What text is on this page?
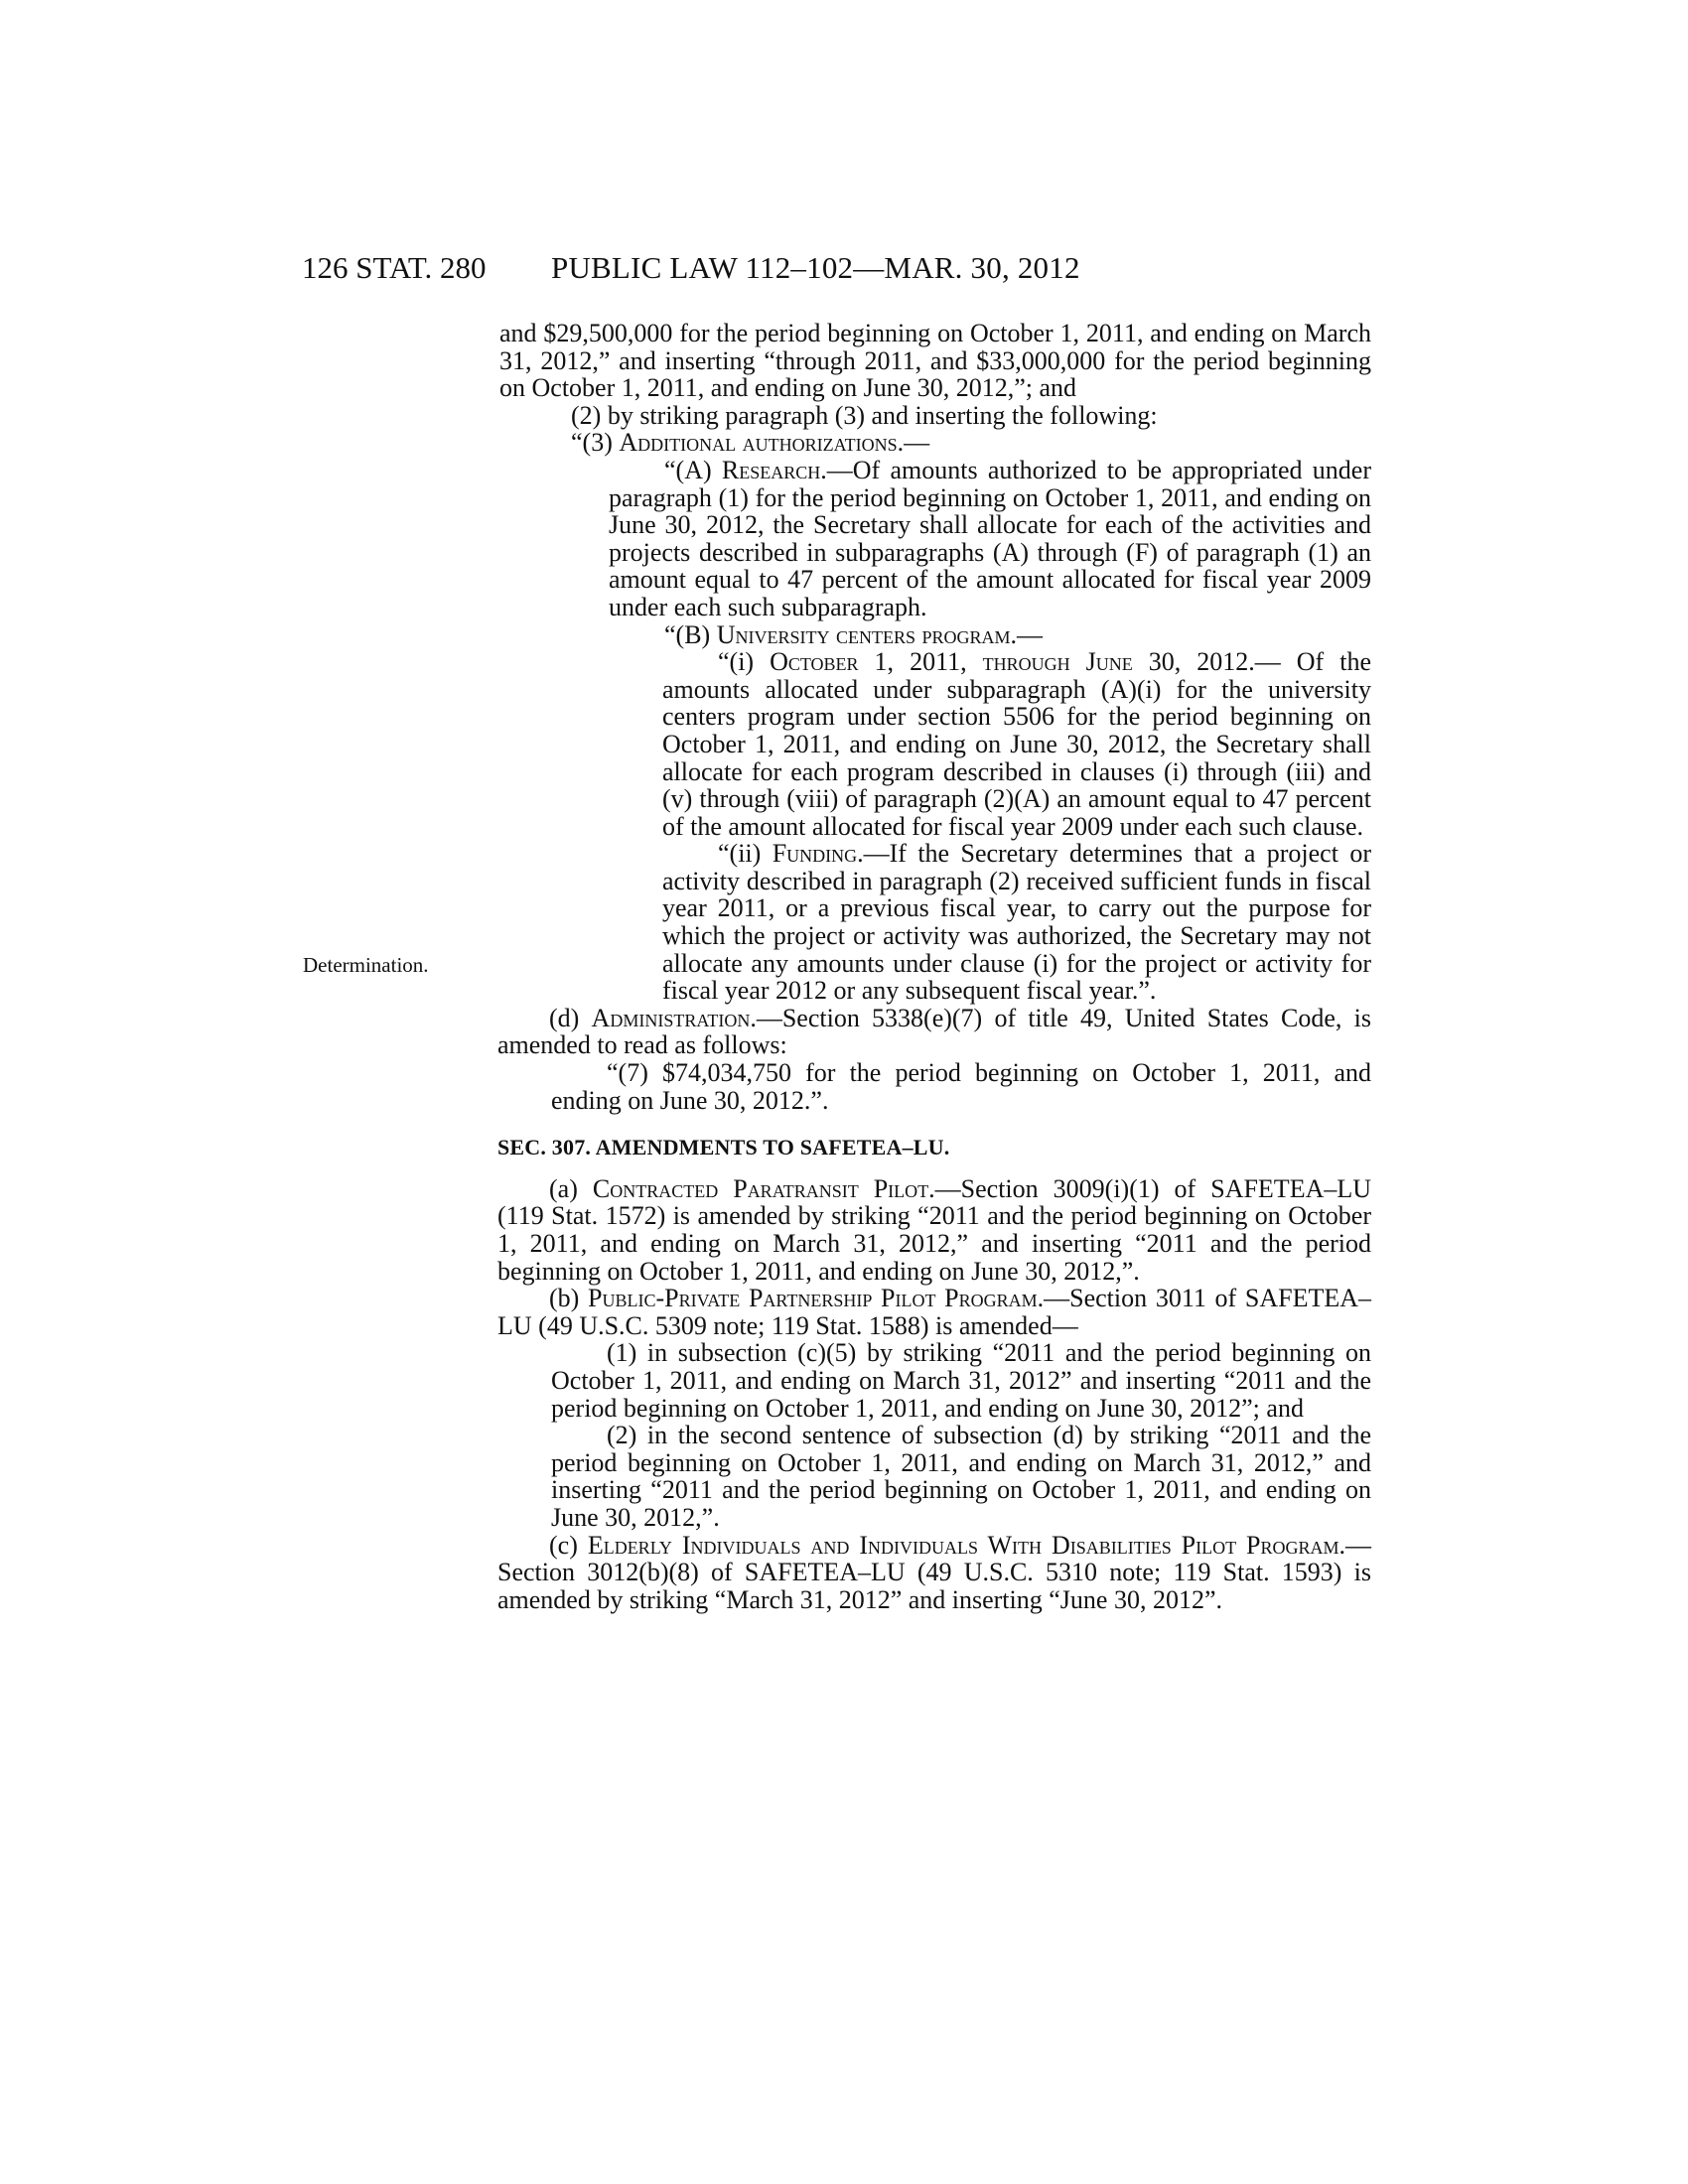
126 STAT. 280 PUBLIC LAW 112–102—MAR. 30, 2012
Determination.

and $29,500,000 for the period beginning on October 1, 2011, and ending on March 31, 2012,” and inserting “through 2011, and $33,000,000 for the period beginning on October 1, 2011, and ending on June 30, 2012,”; and

(2) by striking paragraph (3) and inserting the following:

“(3) Additional authorizations.—

“(A) Research.—Of amounts authorized to be appropriated under paragraph (1) for the period beginning on October 1, 2011, and ending on June 30, 2012, the Secretary shall allocate for each of the activities and projects described in subparagraphs (A) through (F) of paragraph (1) an amount equal to 47 percent of the amount allocated for fiscal year 2009 under each such subparagraph.

“(B) University centers program.—

“(i) October 1, 2011, through June 30, 2012.— Of the amounts allocated under subparagraph (A)(i) for the university centers program under section 5506 for the period beginning on October 1, 2011, and ending on June 30, 2012, the Secretary shall allocate for each program described in clauses (i) through (iii) and (v) through (viii) of paragraph (2)(A) an amount equal to 47 percent of the amount allocated for fiscal year 2009 under each such clause.

“(ii) Funding.—If the Secretary determines that a project or activity described in paragraph (2) received sufficient funds in fiscal year 2011, or a previous fiscal year, to carry out the purpose for which the project or activity was authorized, the Secretary may not allocate any amounts under clause (i) for the project or activity for fiscal year 2012 or any subsequent fiscal year.”.

(d) Administration.—Section 5338(e)(7) of title 49, United States Code, is amended to read as follows:

“(7) $74,034,750 for the period beginning on October 1, 2011, and ending on June 30, 2012.”.

SEC. 307. AMENDMENTS TO SAFETEA–LU.

(a) Contracted Paratransit Pilot.—Section 3009(i)(1) of SAFETEA–LU (119 Stat. 1572) is amended by striking “2011 and the period beginning on October 1, 2011, and ending on March 31, 2012,” and inserting “2011 and the period beginning on October 1, 2011, and ending on June 30, 2012,”.

(b) Public-Private Partnership Pilot Program.—Section 3011 of SAFETEA–LU (49 U.S.C. 5309 note; 119 Stat. 1588) is amended—

(1) in subsection (c)(5) by striking “2011 and the period beginning on October 1, 2011, and ending on March 31, 2012” and inserting “2011 and the period beginning on October 1, 2011, and ending on June 30, 2012”; and

(2) in the second sentence of subsection (d) by striking “2011 and the period beginning on October 1, 2011, and ending on March 31, 2012,” and inserting “2011 and the period beginning on October 1, 2011, and ending on June 30, 2012,”.

(c) Elderly Individuals and Individuals With Disabilities Pilot Program.—Section 3012(b)(8) of SAFETEA–LU (49 U.S.C. 5310 note; 119 Stat. 1593) is amended by striking “March 31, 2012” and inserting “June 30, 2012”.
